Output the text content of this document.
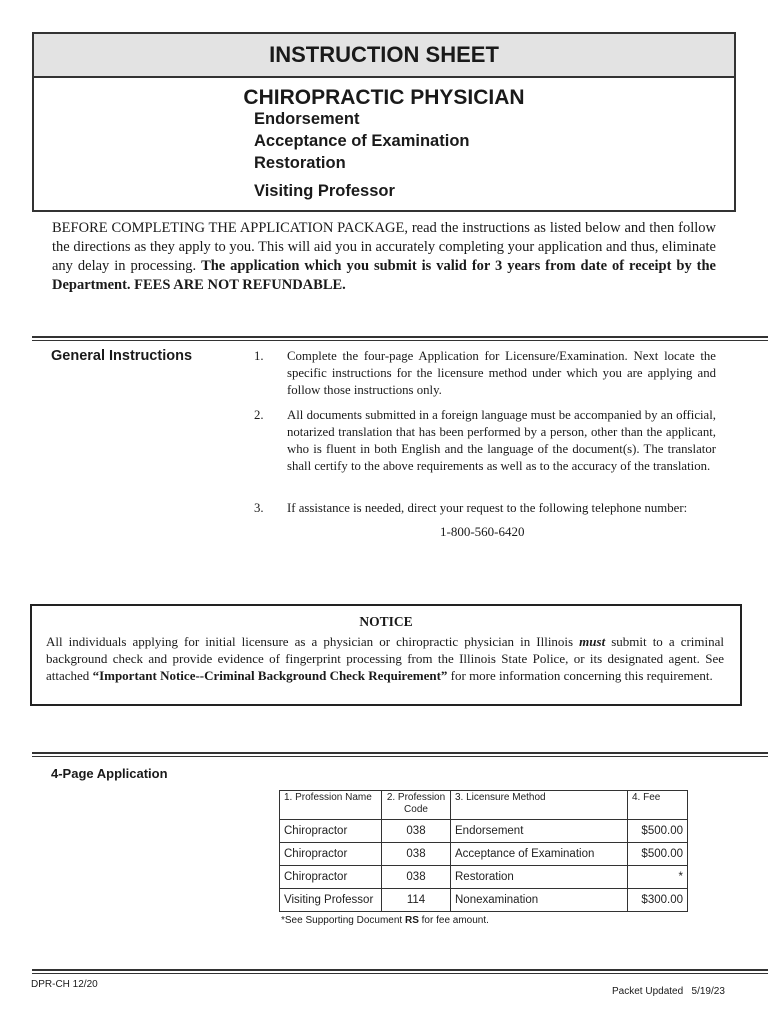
INSTRUCTION SHEET
CHIROPRACTIC PHYSICIAN
Endorsement
Acceptance of Examination
Restoration
Visiting Professor

BEFORE COMPLETING THE APPLICATION PACKAGE, read the instructions as listed below and then follow the directions as they apply to you. This will aid you in accurately completing your application and thus, eliminate any delay in processing. The application which you submit is valid for 3 years from date of receipt by the Department. FEES ARE NOT REFUNDABLE.

General Instructions	1. Complete the four-page Application for Licensure/Examination. Next locate the specific instructions for the licensure method under which you are applying and follow those instructions only.
2. All documents submitted in a foreign language must be accompanied by an official, notarized translation that has been performed by a person, other than the applicant, who is fluent in both English and the language of the document(s). The translator shall certify to the above requirements as well as to the accuracy of the translation.
3. If assistance is needed, direct your request to the following telephone number:
1-800-560-6420
NOTICE

All individuals applying for initial licensure as a physician or chiropractic physician in Illinois must submit to a criminal background check and provide evidence of fingerprint processing from the Illinois State Police, or its designated agent. See attached “Important Notice--Criminal Background Check Requirement” for more information concerning this requirement.

4-Page Application
1. Profession Name	2. Profession Code	3. Licensure Method	4. Fee
Chiropractor	038	Endorsement	$500.00
Chiropractor	038	Acceptance of Examination	$500.00
Chiropractor	038	Restoration	*
Visiting Professor	114	Nonexamination	$300.00
*See Supporting Document RS for fee amount.
DPR-CH 12/20
Packet Updated 5/19/23
